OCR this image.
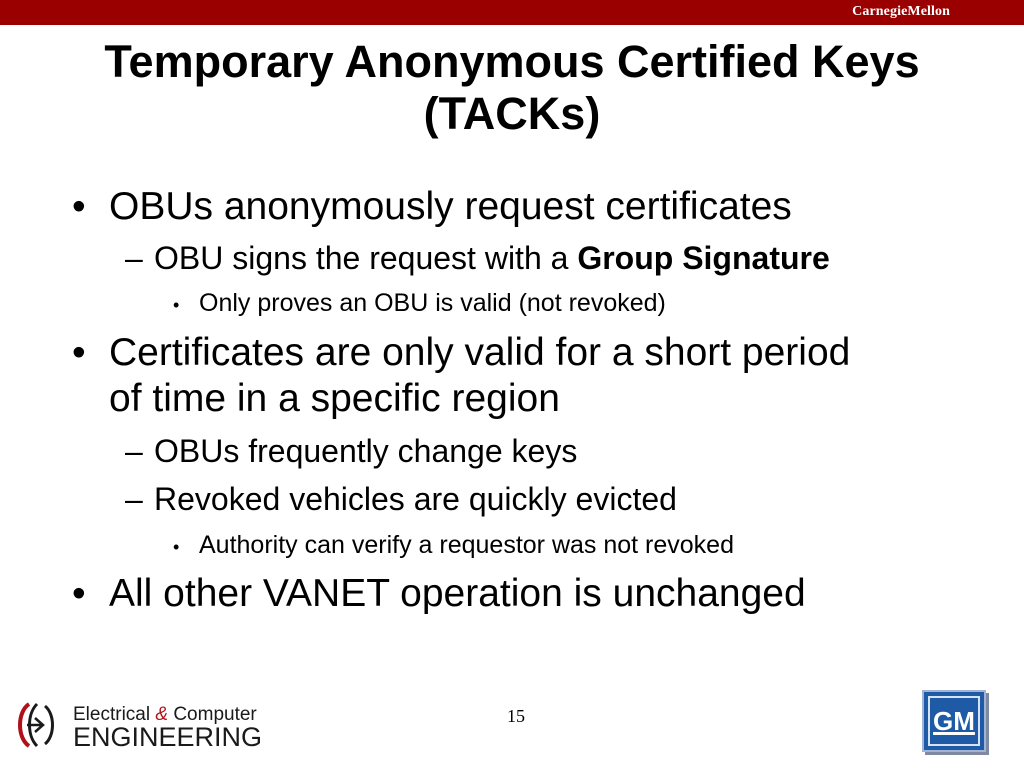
CarnegieMellon
Temporary Anonymous Certified Keys
(TACKs)
• OBUs anonymously request certificates
– OBU signs the request with a Group Signature
• Only proves an OBU is valid (not revoked)
• Certificates are only valid for a short period
of time in a specific region
– OBUs frequently change keys
– Revoked vehicles are quickly evicted
• Authority can verify a requestor was not revoked
• All other VANET operation is unchanged
Electrical & Computer
ENGINEERING
15	GM
